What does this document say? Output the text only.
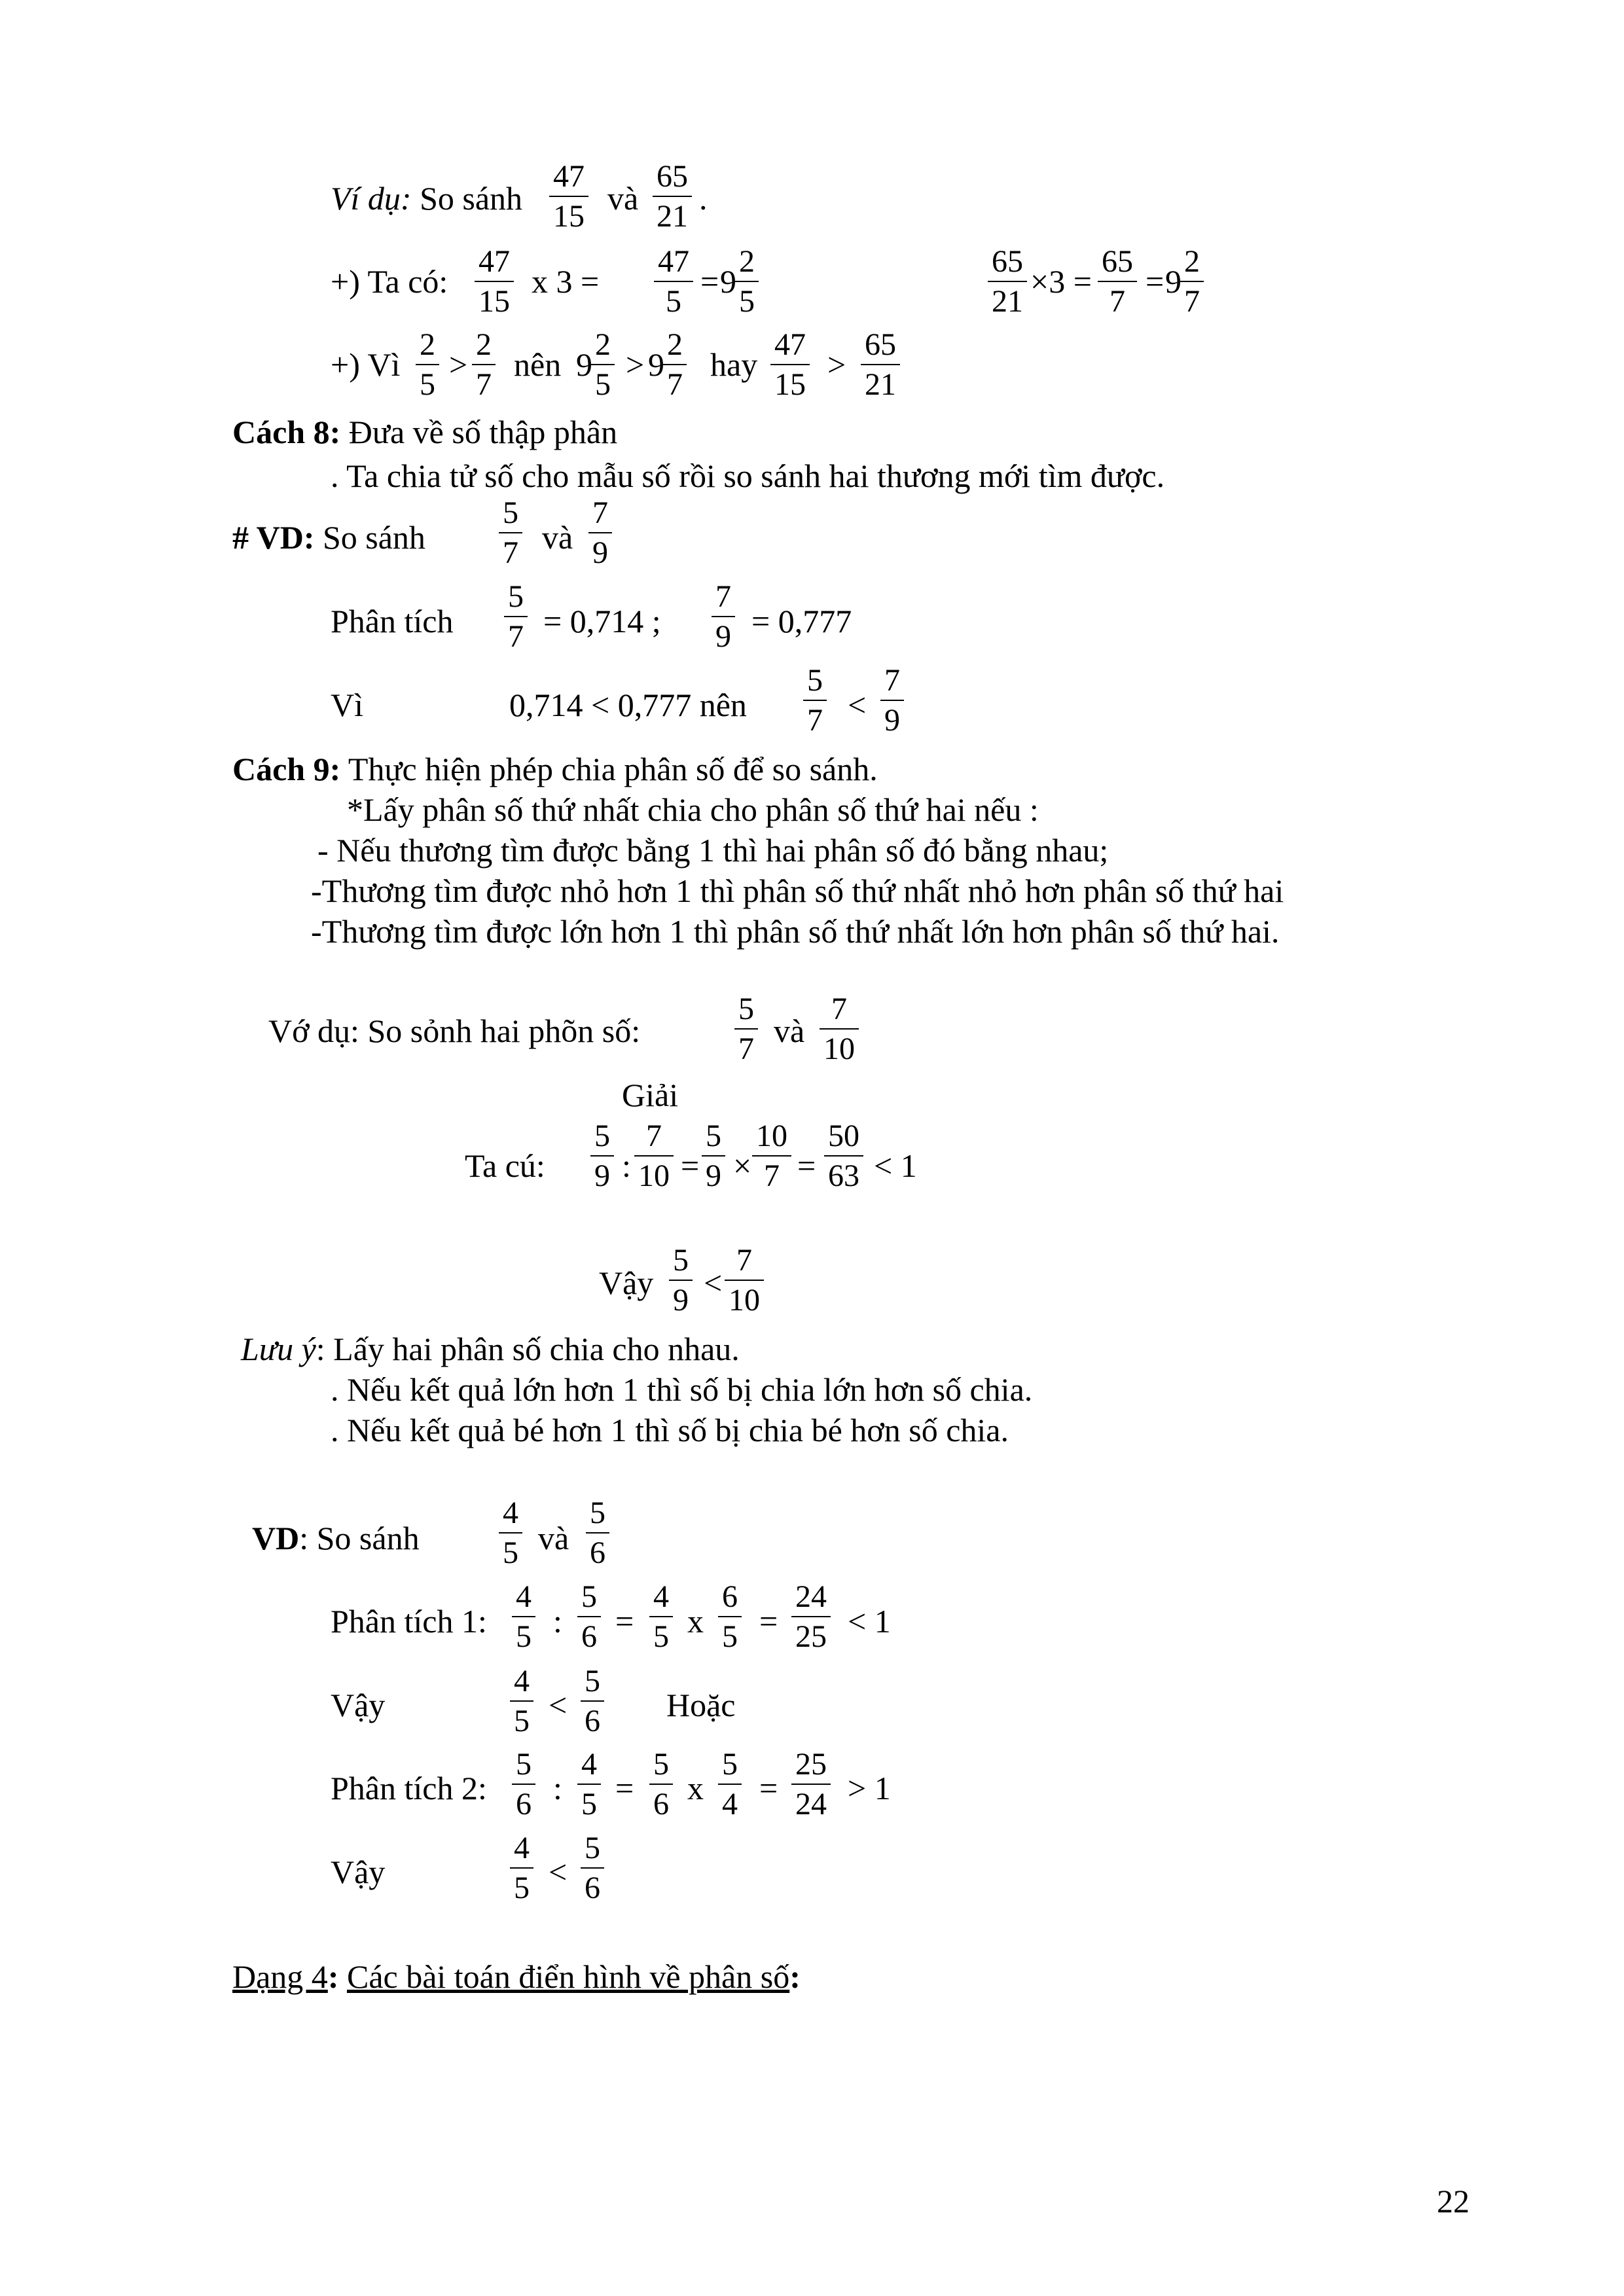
Ví dụ: So sánh
47
15 và
65
21 .
+) Ta có:
47
15
x 3 =
47
5
= 9
2
5
65
21
×3 =
65
7
= 9
2
7
+) Vì
2
5
>
2
7
nên 9
2
5
> 9
2
7
hay
47
15
>
65
21
Cách 8: Đưa về số thập phân
. Ta chia tử số cho mẫu số rồi so sánh hai thương mới tìm được.
# VD: So sánh
5
7 và
7
9
Phân tích
5
7 = 0,714 ;
7
9 = 0,777
Vì	0,714 < 0,777 nên
5
7 <
7
9
Cách 9: Thực hiện phép chia phân số để so sánh.
*Lấy phân số thứ nhất chia cho phân số thứ hai nếu :
- Nếu thương tìm được bằng 1 thì hai phân số đó bằng nhau;
-Thương tìm được nhỏ hơn 1 thì phân số thứ nhất nhỏ hơn phân số thứ hai
-Thương tìm được lớn hơn 1 thì phân số thứ nhất lớn hơn phân số thứ hai.
Vớ dụ: So sỏnh hai phõn số:
5
7 và
7
10
Giải
Ta cú:
5
9 :
7
10 =
5
9 ×
10
7 =
50
63 < 1
Vậy
5
9 <
7
10
Lưu ý: Lấy hai phân số chia cho nhau.
. Nếu kết quả lớn hơn 1 thì số bị chia lớn hơn số chia.
. Nếu kết quả bé hơn 1 thì số bị chia bé hơn số chia.
VD: So sánh
4
5 và
5
6
Phân tích 1:
4
5 :
5
6 =
4
5 x
6
5 =
24
25 < 1
Vậy
4
5 <
5
6 Hoặc
Phân tích 2:
5
6 :
4
5 =
5
6 x
5
4 =
25
24 > 1
Vậy
4
5 <
5
6
Dạng 4: Các bài toán điển hình về phân số:
22
